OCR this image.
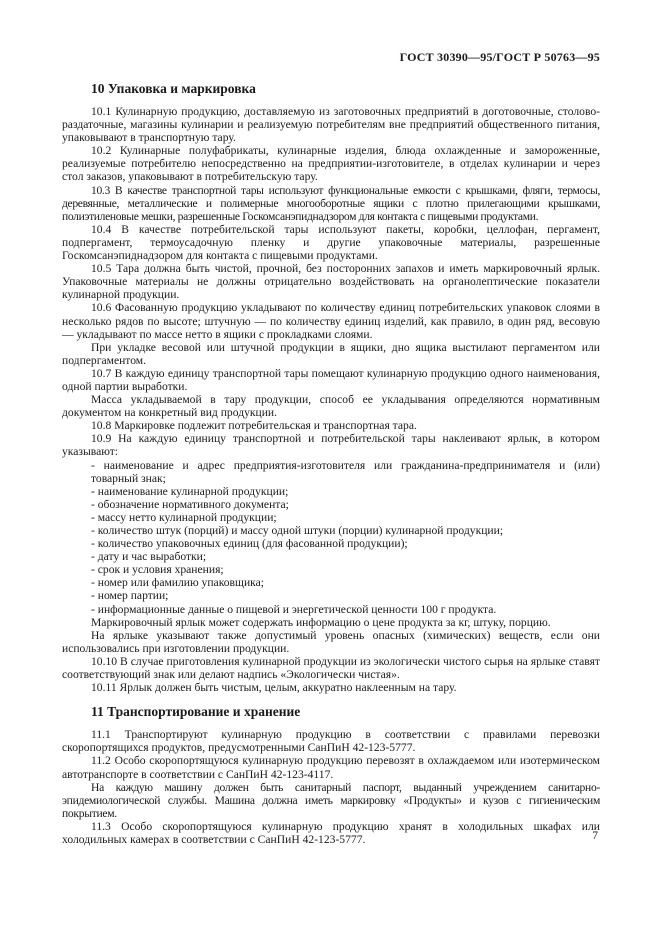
ГОСТ 30390—95/ГОСТ Р 50763—95
10 Упаковка и маркировка

10.1 Кулинарную продукцию, доставляемую из заготовочных предприятий в доготовочные, столово-раздаточные, магазины кулинарии и реализуемую потребителям вне предприятий общественного питания, упаковывают в транспортную тару.

10.2 Кулинарные полуфабрикаты, кулинарные изделия, блюда охлажденные и замороженные, реализуемые потребителю непосредственно на предприятии-изготовителе, в отделах кулинарии и через стол заказов, упаковывают в потребительскую тару.

10.3 В качестве транспортной тары используют функциональные емкости с крышками, фляги, термосы, деревянные, металлические и полимерные многооборотные ящики с плотно прилегающими крышками, полиэтиленовые мешки, разрешенные Госкомсанэпиднадзором для контакта с пищевыми продуктами.

10.4 В качестве потребительской тары используют пакеты, коробки, целлофан, пергамент, подпергамент, термоусадочную пленку и другие упаковочные материалы, разрешенные Госкомсанэпиднадзором для контакта с пищевыми продуктами.

10.5 Тара должна быть чистой, прочной, без посторонних запахов и иметь маркировочный ярлык. Упаковочные материалы не должны отрицательно воздействовать на органолептические показатели кулинарной продукции.

10.6 Фасованную продукцию укладывают по количеству единиц потребительских упаковок слоями в несколько рядов по высоте; штучную — по количеству единиц изделий, как правило, в один ряд, весовую — укладывают по массе нетто в ящики с прокладками слоями.

При укладке весовой или штучной продукции в ящики, дно ящика выстилают пергаментом или подпергаментом.

10.7 В каждую единицу транспортной тары помещают кулинарную продукцию одного наименования, одной партии выработки.

Масса укладываемой в тару продукции, способ ее укладывания определяются нормативным документом на конкретный вид продукции.

10.8 Маркировке подлежит потребительская и транспортная тара.

10.9 На каждую единицу транспортной и потребительской тары наклеивают ярлык, в котором указывают:

- наименование и адрес предприятия-изготовителя или гражданина-предпринимателя и (или) товарный знак;
- наименование кулинарной продукции;
- обозначение нормативного документа;
- массу нетто кулинарной продукции;
- количество штук (порций) и массу одной штуки (порции) кулинарной продукции;
- количество упаковочных единиц (для фасованной продукции);
- дату и час выработки;
- срок и условия хранения;
- номер или фамилию упаковщика;
- номер партии;
- информационные данные о пищевой и энергетической ценности 100 г продукта.

Маркировочный ярлык может содержать информацию о цене продукта за кг, штуку, порцию.

На ярлыке указывают также допустимый уровень опасных (химических) веществ, если они использовались при изготовлении продукции.

10.10 В случае приготовления кулинарной продукции из экологически чистого сырья на ярлыке ставят соответствующий знак или делают надпись «Экологически чистая».

10.11 Ярлык должен быть чистым, целым, аккуратно наклеенным на тару.

11 Транспортирование и хранение

11.1 Транспортируют кулинарную продукцию в соответствии с правилами перевозки скоропортящихся продуктов, предусмотренными СанПиН 42-123-5777.

11.2 Особо скоропортящуюся кулинарную продукцию перевозят в охлаждаемом или изотермическом автотранспорте в соответствии с СанПиН 42-123-4117.

На каждую машину должен быть санитарный паспорт, выданный учреждением санитарно-эпидемиологической службы. Машина должна иметь маркировку «Продукты» и кузов с гигиеническим покрытием.

11.3 Особо скоропортящуюся кулинарную продукцию хранят в холодильных шкафах или холодильных камерах в соответствии с СанПиН 42-123-5777.	7
